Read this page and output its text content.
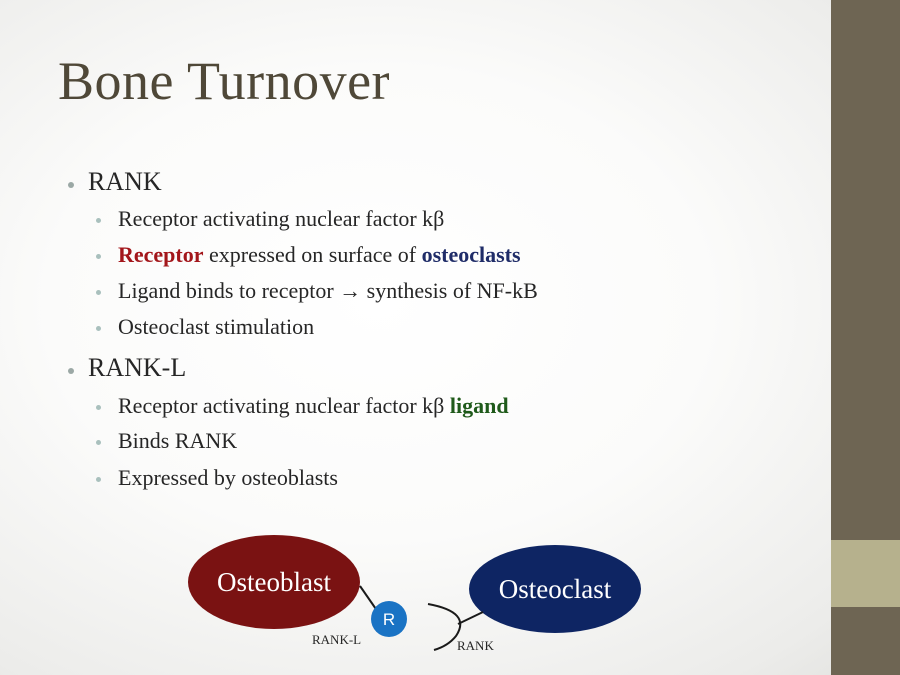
Bone Turnover
RANK
Receptor activating nuclear factor kβ
Receptor expressed on surface of osteoclasts
Ligand binds to receptor → synthesis of NF-kB
Osteoclast stimulation
RANK-L
Receptor activating nuclear factor kβ ligand
Binds RANK
Expressed by osteoblasts
Osteoblast
R
RANK-L
Osteoclast
RANK
